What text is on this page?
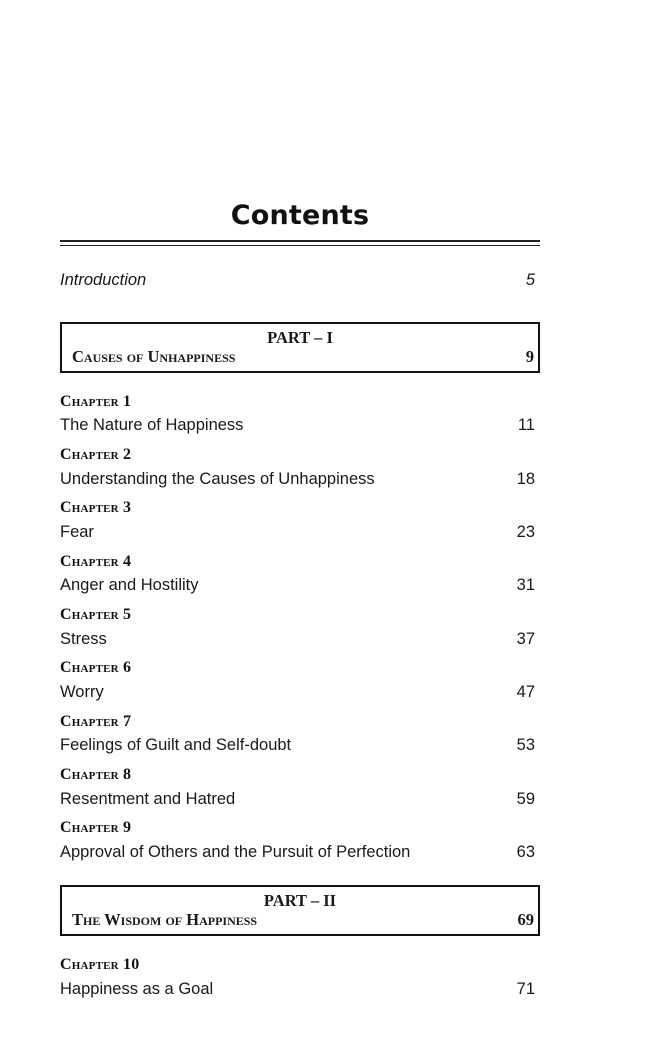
Contents
Introduction	5
PART – I
Causes of Unhappiness	9
Chapter 1
The Nature of Happiness	11
Chapter 2
Understanding the Causes of Unhappiness	18
Chapter 3
Fear	23
Chapter 4
Anger and Hostility	31
Chapter 5
Stress	37
Chapter 6
Worry	47
Chapter 7
Feelings of Guilt and Self-doubt	53
Chapter 8
Resentment and Hatred	59
Chapter 9
Approval of Others and the Pursuit of Perfection	63
PART – II
The Wisdom of Happiness	69
Chapter 10
Happiness as a Goal	71
